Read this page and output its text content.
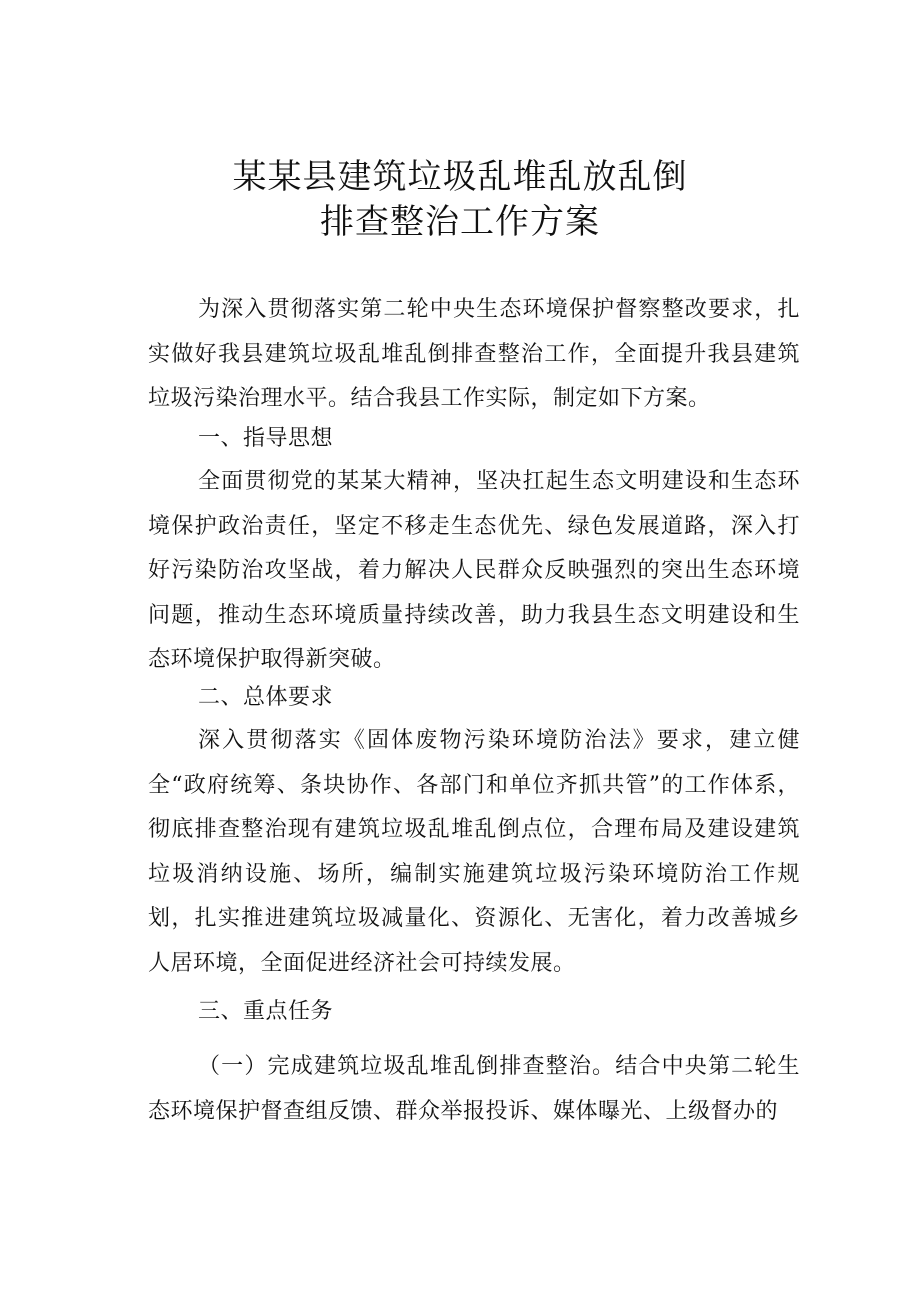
某某县建筑垃圾乱堆乱放乱倒
排查整治工作方案

为深入贯彻落实第二轮中央生态环境保护督察整改要求，扎实做好我县建筑垃圾乱堆乱倒排查整治工作，全面提升我县建筑垃圾污染治理水平。结合我县工作实际，制定如下方案。

一、指导思想

全面贯彻党的某某大精神，坚决扛起生态文明建设和生态环境保护政治责任，坚定不移走生态优先、绿色发展道路，深入打好污染防治攻坚战，着力解决人民群众反映强烈的突出生态环境问题，推动生态环境质量持续改善，助力我县生态文明建设和生态环境保护取得新突破。

二、总体要求

深入贯彻落实《固体废物污染环境防治法》要求，建立健全“政府统筹、条块协作、各部门和单位齐抓共管”的工作体系，彻底排查整治现有建筑垃圾乱堆乱倒点位，合理布局及建设建筑垃圾消纳设施、场所，编制实施建筑垃圾污染环境防治工作规划，扎实推进建筑垃圾减量化、资源化、无害化，着力改善城乡人居环境，全面促进经济社会可持续发展。

三、重点任务

（一）完成建筑垃圾乱堆乱倒排查整治。结合中央第二轮生态环境保护督查组反馈、群众举报投诉、媒体曝光、上级督办的
